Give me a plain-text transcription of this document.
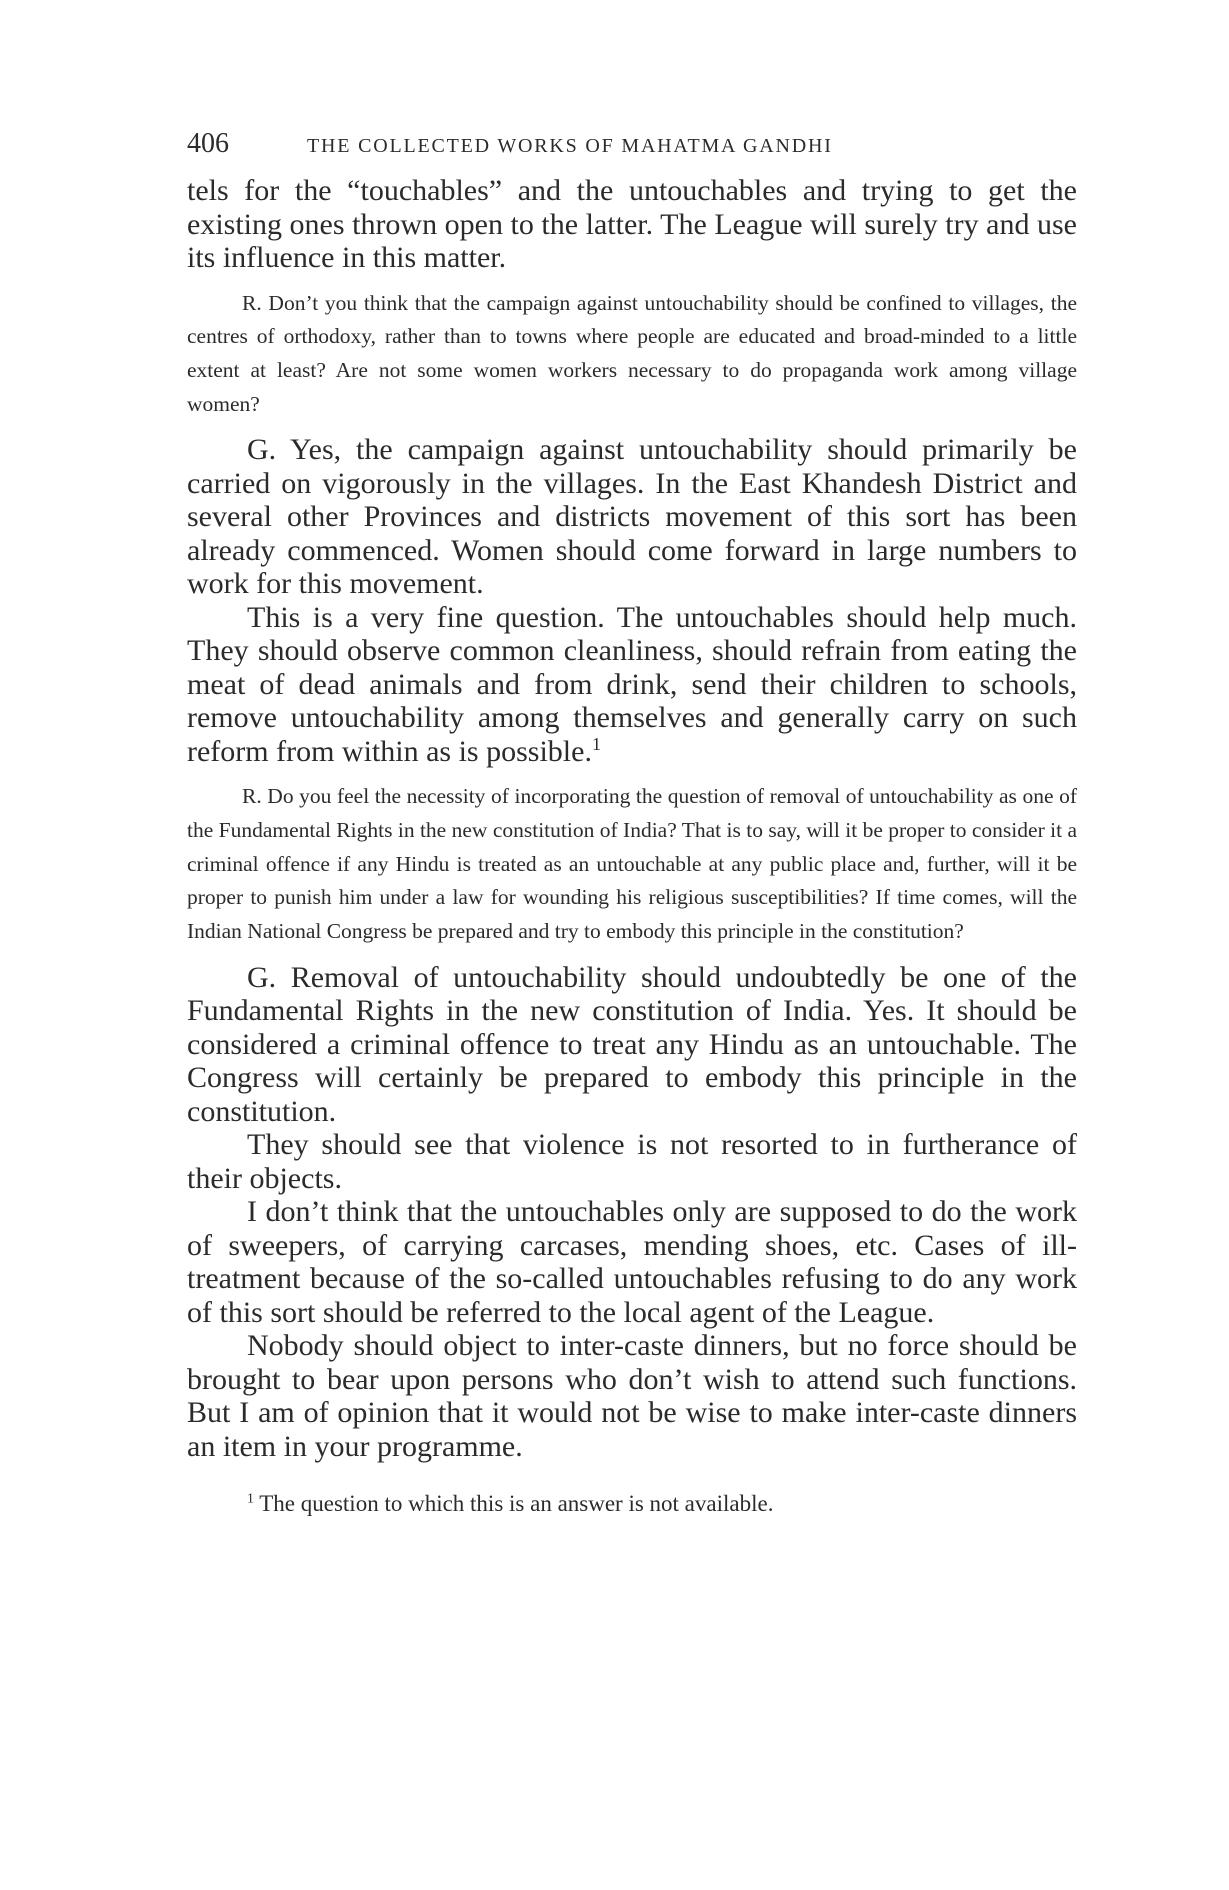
406	THE COLLECTED WORKS OF MAHATMA GANDHI

tels for the “touchables” and the untouchables and trying to get the existing ones thrown open to the latter. The League will surely try and use its influence in this matter.

R. Don’t you think that the campaign against untouchability should be confined to villages, the centres of orthodoxy, rather than to towns where people are educated and broad-minded to a little extent at least? Are not some women workers necessary to do propaganda work among village women?

G. Yes, the campaign against untouchability should primarily be carried on vigorously in the villages. In the East Khandesh District and several other Provinces and districts movement of this sort has been already commenced. Women should come forward in large numbers to work for this movement.

This is a very fine question. The untouchables should help much. They should observe common cleanliness, should refrain from eating the meat of dead animals and from drink, send their children to schools, remove untouchability among themselves and generally carry on such reform from within as is possible.$^1$

R. Do you feel the necessity of incorporating the question of removal of untouchability as one of the Fundamental Rights in the new constitution of India? That is to say, will it be proper to consider it a criminal offence if any Hindu is treated as an untouchable at any public place and, further, will it be proper to punish him under a law for wounding his religious susceptibilities? If time comes, will the Indian National Congress be prepared and try to embody this principle in the constitution?

G. Removal of untouchability should undoubtedly be one of the Fundamental Rights in the new constitution of India. Yes. It should be considered a criminal offence to treat any Hindu as an untouchable. The Congress will certainly be prepared to embody this principle in the constitution.

They should see that violence is not resorted to in furtherance of their objects.

I don’t think that the untouchables only are supposed to do the work of sweepers, of carrying carcases, mending shoes, etc. Cases of ill-treatment because of the so-called untouchables refusing to do any work of this sort should be referred to the local agent of the League.

Nobody should object to inter-caste dinners, but no force should be brought to bear upon persons who don’t wish to attend such functions. But I am of opinion that it would not be wise to make inter-caste dinners an item in your programme.

$^1$ The question to which this is an answer is not available.
